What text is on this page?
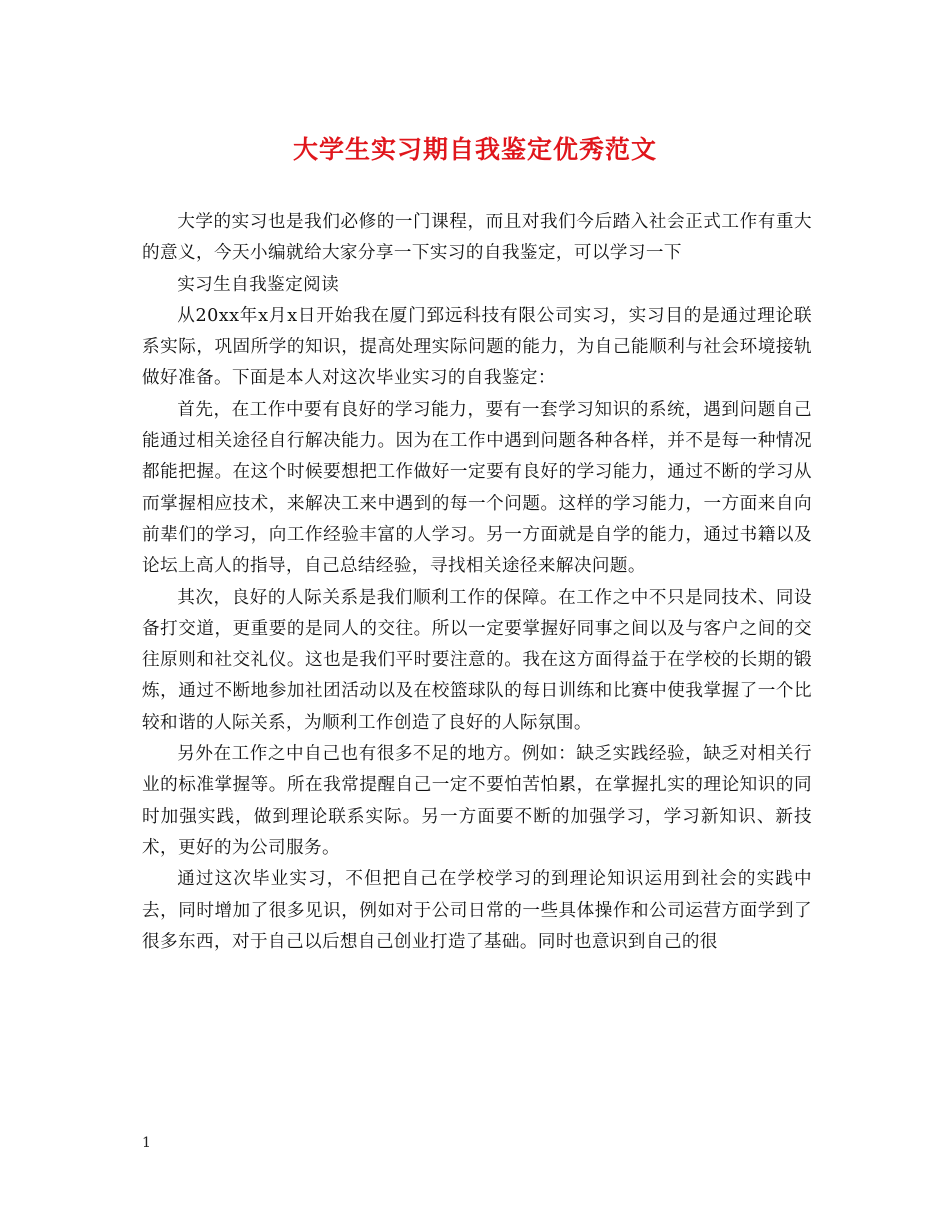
大学生实习期自我鉴定优秀范文

大学的实习也是我们必修的一门课程，而且对我们今后踏入社会正式工作有重大的意义，今天小编就给大家分享一下实习的自我鉴定，可以学习一下

实习生自我鉴定阅读

从20xx年x月x日开始我在厦门郅远科技有限公司实习，实习目的是通过理论联系实际，巩固所学的知识，提高处理实际问题的能力，为自己能顺利与社会环境接轨做好准备。下面是本人对这次毕业实习的自我鉴定：

首先，在工作中要有良好的学习能力，要有一套学习知识的系统，遇到问题自己能通过相关途径自行解决能力。因为在工作中遇到问题各种各样，并不是每一种情况都能把握。在这个时候要想把工作做好一定要有良好的学习能力，通过不断的学习从而掌握相应技术，来解决工来中遇到的每一个问题。这样的学习能力，一方面来自向前辈们的学习，向工作经验丰富的人学习。另一方面就是自学的能力，通过书籍以及论坛上高人的指导，自己总结经验，寻找相关途径来解决问题。

其次，良好的人际关系是我们顺利工作的保障。在工作之中不只是同技术、同设备打交道，更重要的是同人的交往。所以一定要掌握好同事之间以及与客户之间的交往原则和社交礼仪。这也是我们平时要注意的。我在这方面得益于在学校的长期的锻炼，通过不断地参加社团活动以及在校篮球队的每日训练和比赛中使我掌握了一个比较和谐的人际关系，为顺利工作创造了良好的人际氛围。

另外在工作之中自己也有很多不足的地方。例如：缺乏实践经验，缺乏对相关行业的标准掌握等。所在我常提醒自己一定不要怕苦怕累，在掌握扎实的理论知识的同时加强实践，做到理论联系实际。另一方面要不断的加强学习，学习新知识、新技术，更好的为公司服务。

通过这次毕业实习，不但把自己在学校学习的到理论知识运用到社会的实践中去，同时增加了很多见识，例如对于公司日常的一些具体操作和公司运营方面学到了很多东西，对于自己以后想自己创业打造了基础。同时也意识到自己的很

1
